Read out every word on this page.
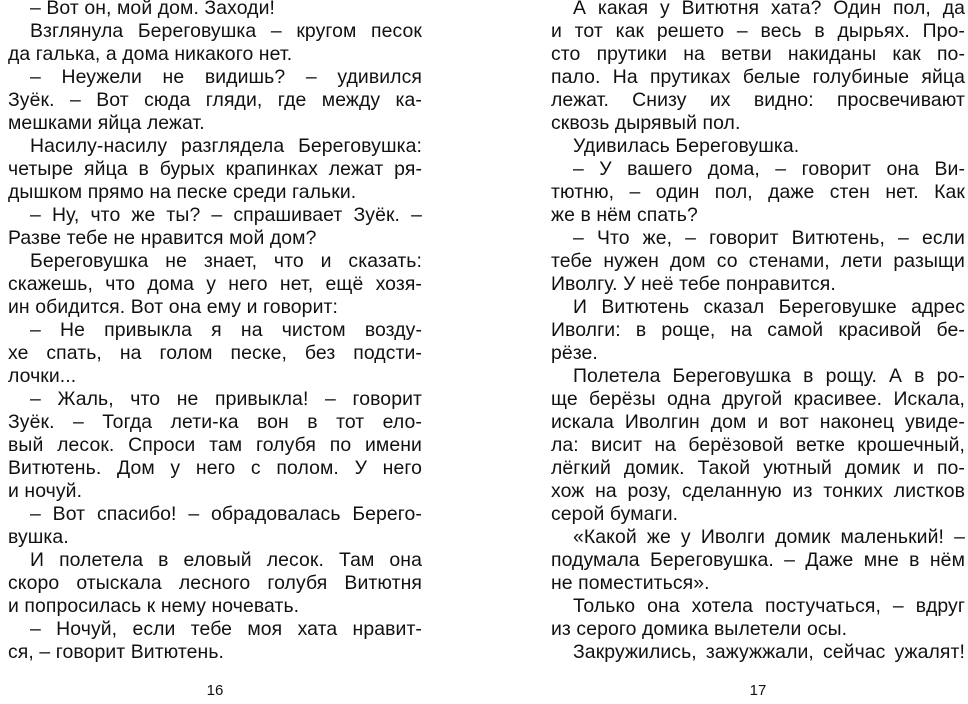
– Вот он, мой дом. Заходи!
Взглянула Береговушка – кругом песок
да галька, а дома никакого нет.
– Неужели не видишь? – удивился
Зуёк. – Вот сюда гляди, где между ка-
мешками яйца лежат.
Насилу-насилу разглядела Береговушка:
четыре яйца в бурых крапинках лежат ря-
дышком прямо на песке среди гальки.
– Ну, что же ты? – спрашивает Зуёк. –
Разве тебе не нравится мой дом?
Береговушка не знает, что и сказать:
скажешь, что дома у него нет, ещё хозя-
ин обидится. Вот она ему и говорит:
– Не привыкла я на чистом возду-
хе спать, на голом песке, без подсти-
лочки...
– Жаль, что не привыкла! – говорит
Зуёк. – Тогда лети-ка вон в тот ело-
вый лесок. Спроси там голубя по имени
Витютень. Дом у него с полом. У него
и ночуй.
– Вот спасибо! – обрадовалась Берего-
вушка.
И полетела в еловый лесок. Там она
скоро отыскала лесного голубя Витютня
и попросилась к нему ночевать.
– Ночуй, если тебе моя хата нравит-
ся, – говорит Витютень.
А какая у Витютня хата? Один пол, да
и тот как решето – весь в дырьях. Про-
сто прутики на ветви накиданы как по-
пало. На прутиках белые голубиные яйца
лежат. Снизу их видно: просвечивают
сквозь дырявый пол.
Удивилась Береговушка.
– У вашего дома, – говорит она Ви-
тютню, – один пол, даже стен нет. Как
же в нём спать?
– Что же, – говорит Витютень, – если
тебе нужен дом со стенами, лети разыщи
Иволгу. У неё тебе понравится.
И Витютень сказал Береговушке адрес
Иволги: в роще, на самой красивой бе-
рёзе.
Полетела Береговушка в рощу. А в ро-
ще берёзы одна другой красивее. Искала,
искала Иволгин дом и вот наконец увиде-
ла: висит на берёзовой ветке крошечный,
лёгкий домик. Такой уютный домик и по-
хож на розу, сделанную из тонких листков
серой бумаги.
«Какой же у Иволги домик маленький! –
подумала Береговушка. – Даже мне в нём
не поместиться».
Только она хотела постучаться, – вдруг
из серого домика вылетели осы.
Закружились, зажужжали, сейчас ужалят!
16	17
